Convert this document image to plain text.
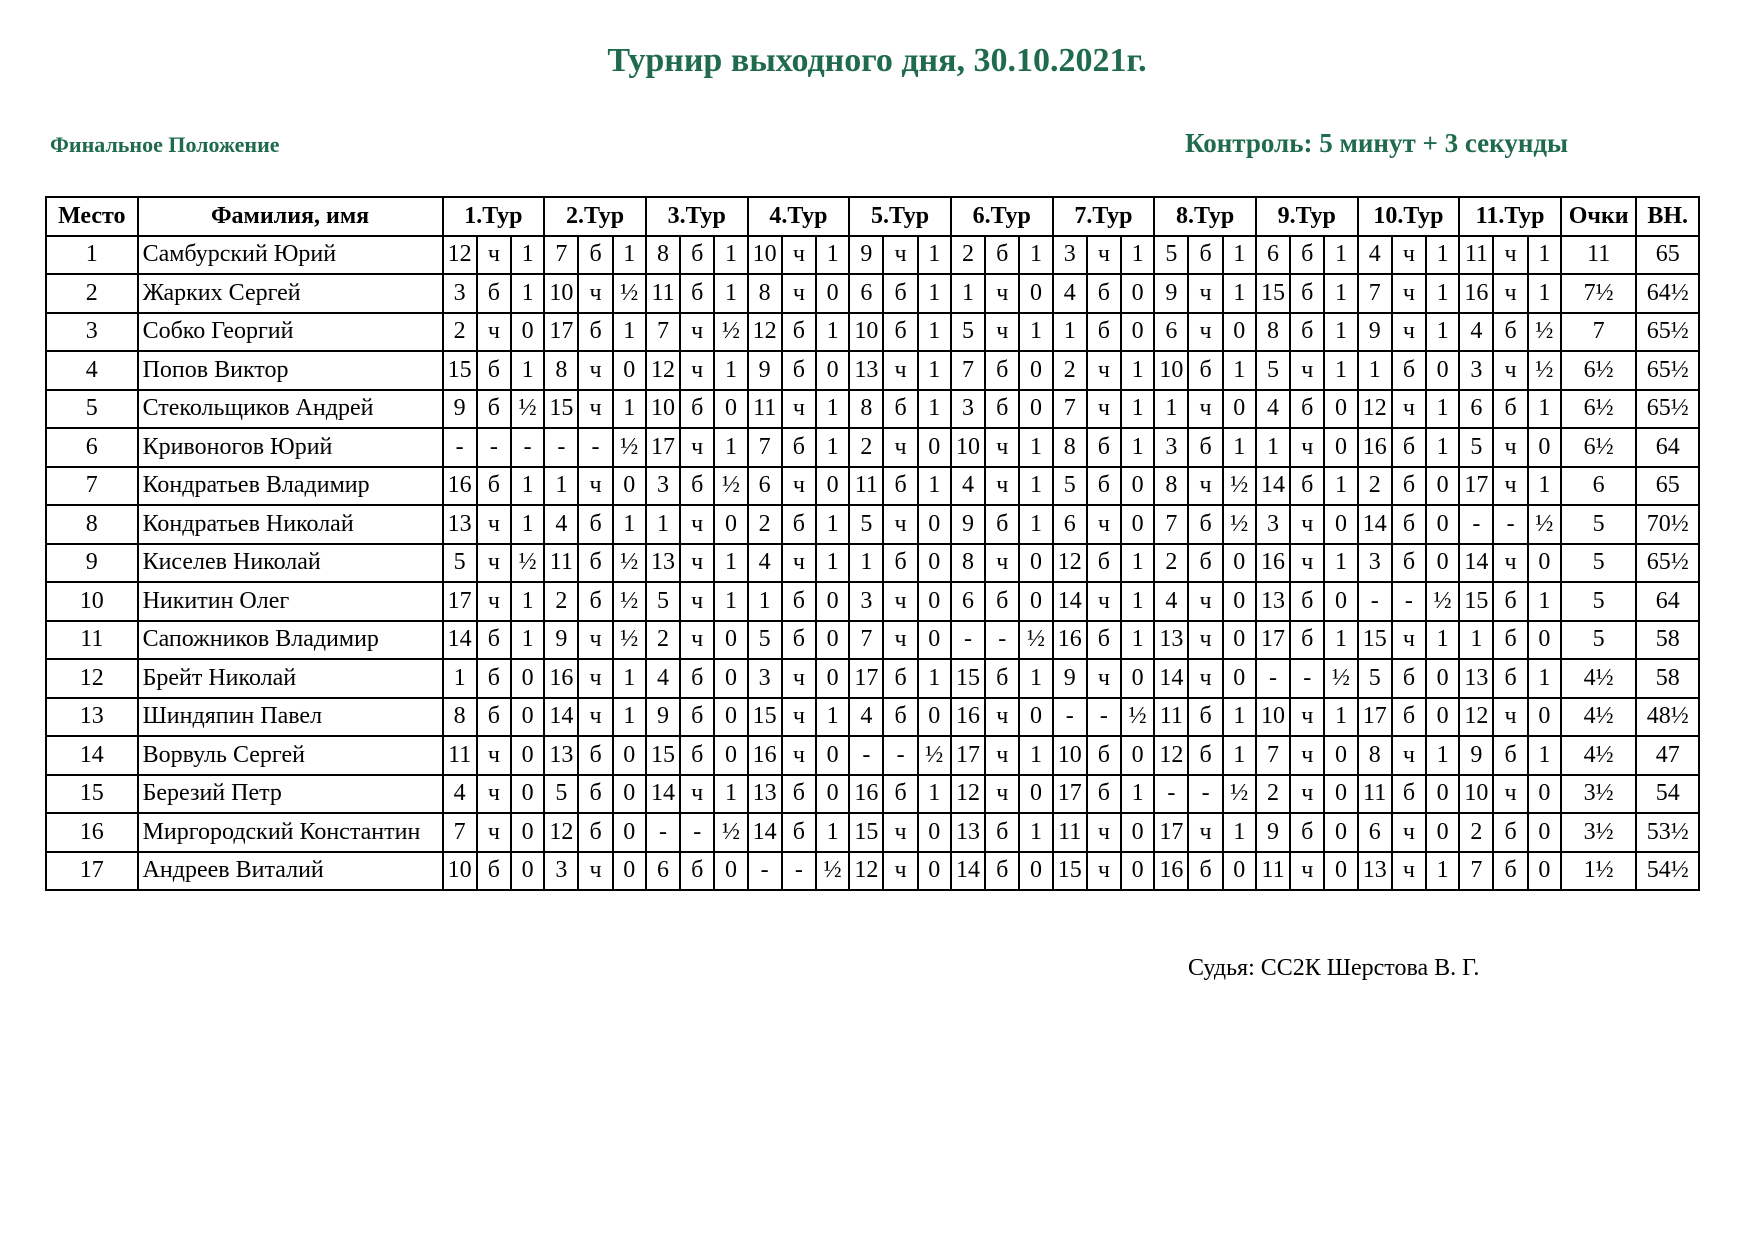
Турнир выходного дня, 30.10.2021г.
Финальное Положение	Контроль: 5 минут + 3 секунды
Место	Фамилия, имя	1.Тур			2.Тур			3.Тур			4.Тур			5.Тур			6.Тур			7.Тур			8.Тур			9.Тур			10.Тур			11.Тур			Очки	ВН.
1	Самбурский Юрий	12	ч	1	7	б	1	8	б	1	10	ч	1	9	ч	1	2	б	1	3	ч	1	5	б	1	6	б	1	4	ч	1	11	ч	1	11	65
2	Жарких Сергей	3	б	1	10	ч	½	11	б	1	8	ч	0	6	б	1	1	ч	0	4	б	0	9	ч	1	15	б	1	7	ч	1	16	ч	1	7½	64½
3	Собко Георгий	2	ч	0	17	б	1	7	ч	½	12	б	1	10	б	1	5	ч	1	1	б	0	6	ч	0	8	б	1	9	ч	1	4	б	½	7	65½
4	Попов Виктор	15	б	1	8	ч	0	12	ч	1	9	б	0	13	ч	1	7	б	0	2	ч	1	10	б	1	5	ч	1	1	б	0	3	ч	½	6½	65½
5	Стекольщиков Андрей	9	б	½	15	ч	1	10	б	0	11	ч	1	8	б	1	3	б	0	7	ч	1	1	ч	0	4	б	0	12	ч	1	6	б	1	6½	65½
6	Кривоногов Юрий	-	-	-	-	-	½	17	ч	1	7	б	1	2	ч	0	10	ч	1	8	б	1	3	б	1	1	ч	0	16	б	1	5	ч	0	6½	64
7	Кондратьев Владимир	16	б	1	1	ч	0	3	б	½	6	ч	0	11	б	1	4	ч	1	5	б	0	8	ч	½	14	б	1	2	б	0	17	ч	1	6	65
8	Кондратьев Николай	13	ч	1	4	б	1	1	ч	0	2	б	1	5	ч	0	9	б	1	6	ч	0	7	б	½	3	ч	0	14	б	0	-	-	½	5	70½
9	Киселев Николай	5	ч	½	11	б	½	13	ч	1	4	ч	1	1	б	0	8	ч	0	12	б	1	2	б	0	16	ч	1	3	б	0	14	ч	0	5	65½
10	Никитин Олег	17	ч	1	2	б	½	5	ч	1	1	б	0	3	ч	0	6	б	0	14	ч	1	4	ч	0	13	б	0	-	-	½	15	б	1	5	64
11	Сапожников Владимир	14	б	1	9	ч	½	2	ч	0	5	б	0	7	ч	0	-	-	½	16	б	1	13	ч	0	17	б	1	15	ч	1	1	б	0	5	58
12	Брейт Николай	1	б	0	16	ч	1	4	б	0	3	ч	0	17	б	1	15	б	1	9	ч	0	14	ч	0	-	-	½	5	б	0	13	б	1	4½	58
13	Шиндяпин Павел	8	б	0	14	ч	1	9	б	0	15	ч	1	4	б	0	16	ч	0	-	-	½	11	б	1	10	ч	1	17	б	0	12	ч	0	4½	48½
14	Ворвуль Сергей	11	ч	0	13	б	0	15	б	0	16	ч	0	-	-	½	17	ч	1	10	б	0	12	б	1	7	ч	0	8	ч	1	9	б	1	4½	47
15	Березий Петр	4	ч	0	5	б	0	14	ч	1	13	б	0	16	б	1	12	ч	0	17	б	1	-	-	½	2	ч	0	11	б	0	10	ч	0	3½	54
16	Миргородский Константин	7	ч	0	12	б	0	-	-	½	14	б	1	15	ч	0	13	б	1	11	ч	0	17	ч	1	9	б	0	6	ч	0	2	б	0	3½	53½
17	Андреев Виталий	10	б	0	3	ч	0	6	б	0	-	-	½	12	ч	0	14	б	0	15	ч	0	16	б	0	11	ч	0	13	ч	1	7	б	0	1½	54½
Судья: СС2К Шерстова В. Г.
